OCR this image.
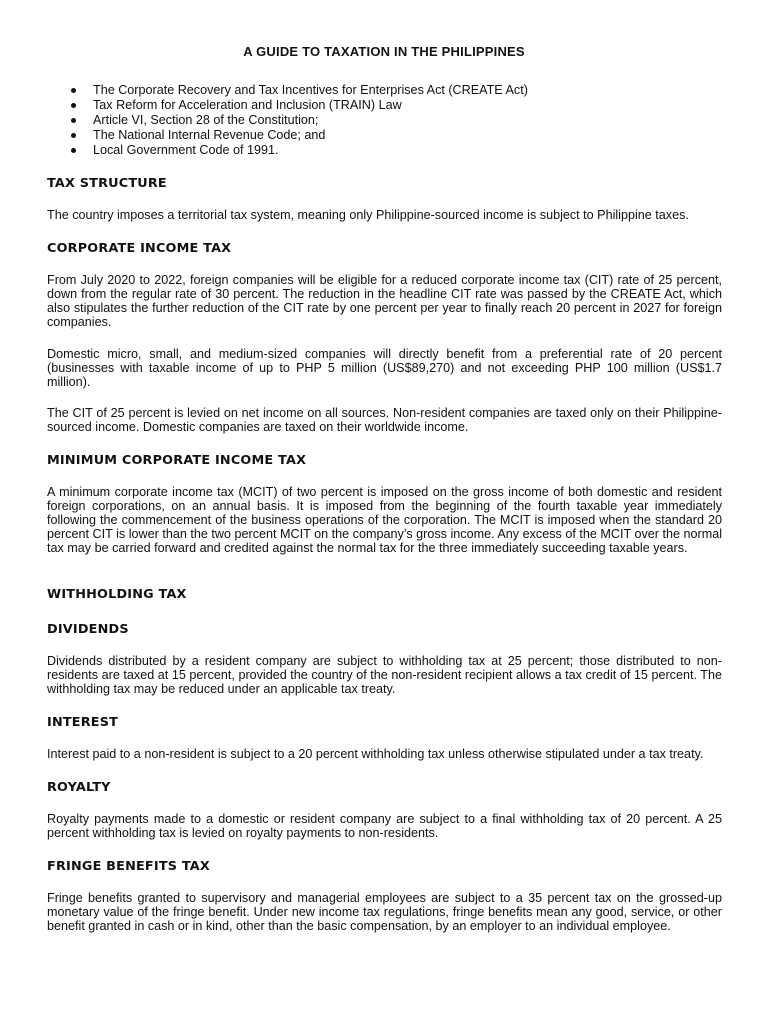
A GUIDE TO TAXATION IN THE PHILIPPINES
The Corporate Recovery and Tax Incentives for Enterprises Act (CREATE Act)
Tax Reform for Acceleration and Inclusion (TRAIN) Law
Article VI, Section 28 of the Constitution;
The National Internal Revenue Code; and
Local Government Code of 1991.
TAX STRUCTURE
The country imposes a territorial tax system, meaning only Philippine-sourced income is subject to Philippine taxes.
CORPORATE INCOME TAX
From July 2020 to 2022, foreign companies will be eligible for a reduced corporate income tax (CIT) rate of 25 percent, down from the regular rate of 30 percent. The reduction in the headline CIT rate was passed by the CREATE Act, which also stipulates the further reduction of the CIT rate by one percent per year to finally reach 20 percent in 2027 for foreign companies.
Domestic micro, small, and medium-sized companies will directly benefit from a preferential rate of 20 percent (businesses with taxable income of up to PHP 5 million (US$89,270) and not exceeding PHP 100 million (US$1.7 million).
The CIT of 25 percent is levied on net income on all sources. Non-resident companies are taxed only on their Philippine-sourced income. Domestic companies are taxed on their worldwide income.
MINIMUM CORPORATE INCOME TAX
A minimum corporate income tax (MCIT) of two percent is imposed on the gross income of both domestic and resident foreign corporations, on an annual basis. It is imposed from the beginning of the fourth taxable year immediately following the commencement of the business operations of the corporation. The MCIT is imposed when the standard 20 percent CIT is lower than the two percent MCIT on the company’s gross income. Any excess of the MCIT over the normal tax may be carried forward and credited against the normal tax for the three immediately succeeding taxable years.
WITHHOLDING TAX
DIVIDENDS
Dividends distributed by a resident company are subject to withholding tax at 25 percent; those distributed to non-residents are taxed at 15 percent, provided the country of the non-resident recipient allows a tax credit of 15 percent. The withholding tax may be reduced under an applicable tax treaty.
INTEREST
Interest paid to a non-resident is subject to a 20 percent withholding tax unless otherwise stipulated under a tax treaty.
ROYALTY
Royalty payments made to a domestic or resident company are subject to a final withholding tax of 20 percent. A 25 percent withholding tax is levied on royalty payments to non-residents.
FRINGE BENEFITS TAX
Fringe benefits granted to supervisory and managerial employees are subject to a 35 percent tax on the grossed-up monetary value of the fringe benefit. Under new income tax regulations, fringe benefits mean any good, service, or other benefit granted in cash or in kind, other than the basic compensation, by an employer to an individual employee.
